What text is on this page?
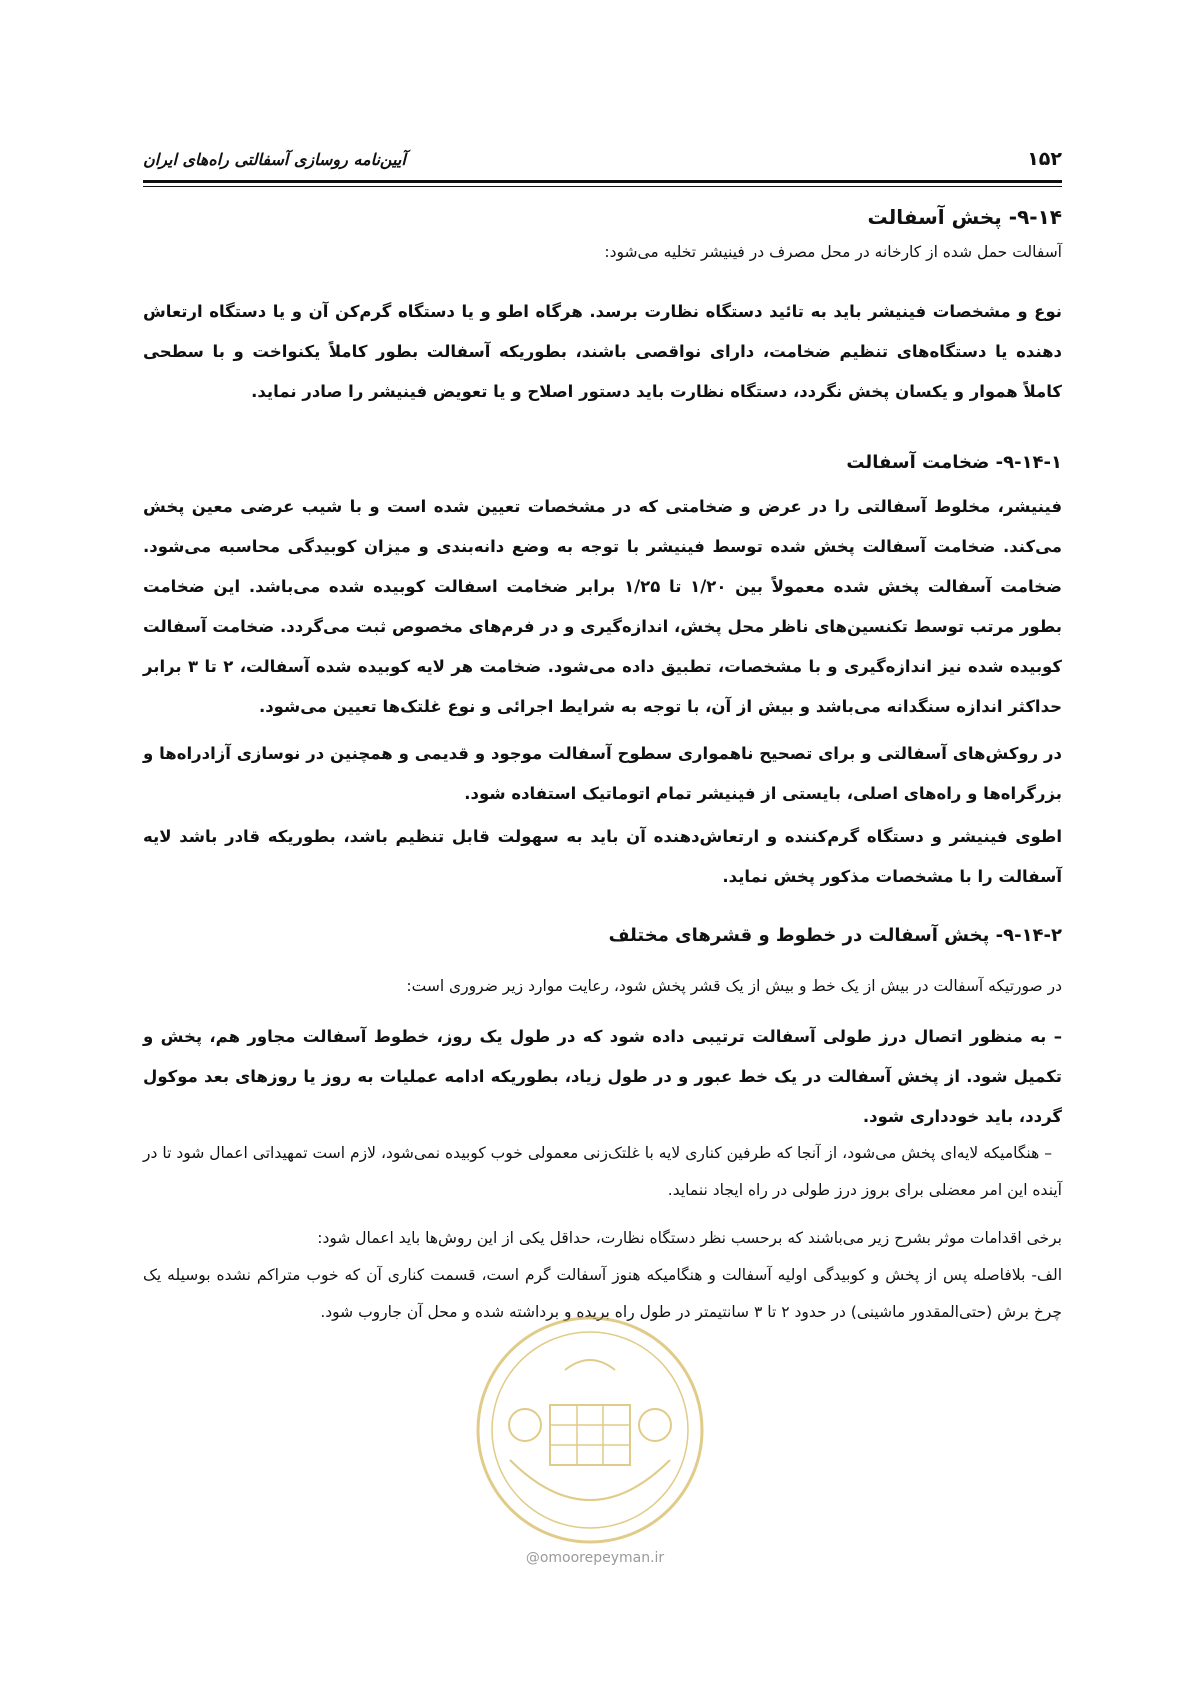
۱۵۲
آیین‌نامه روسازی آسفالتی راه‌های ایران
۹-۱۴- پخش آسفالت

آسفالت حمل شده از کارخانه در محل مصرف در فینیشر تخلیه می‌شود:

نوع و مشخصات فینیشر باید به تائید دستگاه نظارت برسد. هرگاه اطو و یا دستگاه گرم‌کن آن و یا دستگاه ارتعاش دهنده یا دستگاه‌های تنظیم ضخامت، دارای نواقصی باشند، بطوریکه آسفالت بطور کاملاً یکنواخت و با سطحی کاملاً هموار و یکسان پخش نگردد، دستگاه نظارت باید دستور اصلاح و یا تعویض فینیشر را صادر نماید.

۹-۱۴-۱- ضخامت آسفالت

فینیشر، مخلوط آسفالتی را در عرض و ضخامتی که در مشخصات تعیین شده است و با شیب عرضی معین پخش می‌کند. ضخامت آسفالت پخش شده توسط فینیشر با توجه به وضع دانه‌بندی و میزان کوبیدگی محاسبه می‌شود. ضخامت آسفالت پخش شده معمولاً بین ۱/۲۰ تا ۱/۲۵ برابر ضخامت اسفالت کوبیده شده می‌باشد. این ضخامت بطور مرتب توسط تکنسین‌های ناظر محل پخش، اندازه‌گیری و در فرم‌های مخصوص ثبت می‌گردد. ضخامت آسفالت کوبیده شده نیز اندازه‌گیری و با مشخصات، تطبیق داده می‌شود. ضخامت هر لایه کوبیده شده آسفالت، ۲ تا ۳ برابر حداکثر اندازه سنگدانه می‌باشد و بیش از آن، با توجه به شرایط اجرائی و نوع غلتک‌ها تعیین می‌شود.

در روکش‌های آسفالتی و برای تصحیح ناهمواری سطوح آسفالت موجود و قدیمی و همچنین در نوسازی آزادراه‌ها و بزرگراه‌ها و راه‌های اصلی، بایستی از فینیشر تمام اتوماتیک استفاده شود.

اطوی فینیشر و دستگاه گرم‌کننده و ارتعاش‌دهنده آن باید به سهولت قابل تنظیم باشد، بطوریکه قادر باشد لایه آسفالت را با مشخصات مذکور پخش نماید.

۹-۱۴-۲- پخش آسفالت در خطوط و قشرهای مختلف

در صورتیکه آسفالت در بیش از یک خط و بیش از یک قشر پخش شود، رعایت موارد زیر ضروری است:

– به منظور اتصال درز طولی آسفالت ترتیبی داده شود که در طول یک روز، خطوط آسفالت مجاور هم، پخش و تکمیل شود. از پخش آسفالت در یک خط عبور و در طول زیاد، بطوریکه ادامه عملیات به روز یا روزهای بعد موکول گردد، باید خودداری شود.

– هنگامیکه لایه‌ای پخش می‌شود، از آنجا که طرفین کناری لایه با غلتک‌زنی معمولی خوب کوبیده نمی‌شود، لازم است تمهیداتی اعمال شود تا در آینده این امر معضلی برای بروز درز طولی در راه ایجاد ننماید.

برخی اقدامات موثر بشرح زیر می‌باشند که برحسب نظر دستگاه نظارت، حداقل یکی از این روش‌ها باید اعمال شود:

الف- بلافاصله پس از پخش و کوبیدگی اولیه آسفالت و هنگامیکه هنوز آسفالت گرم است، قسمت کناری آن که خوب متراکم نشده بوسیله یک چرخ برش (حتی‌المقدور ماشینی) در حدود ۲ تا ۳ سانتیمتر در طول راه بریده و برداشته شده و محل آن جاروب شود.

@omoorepeyman.ir
